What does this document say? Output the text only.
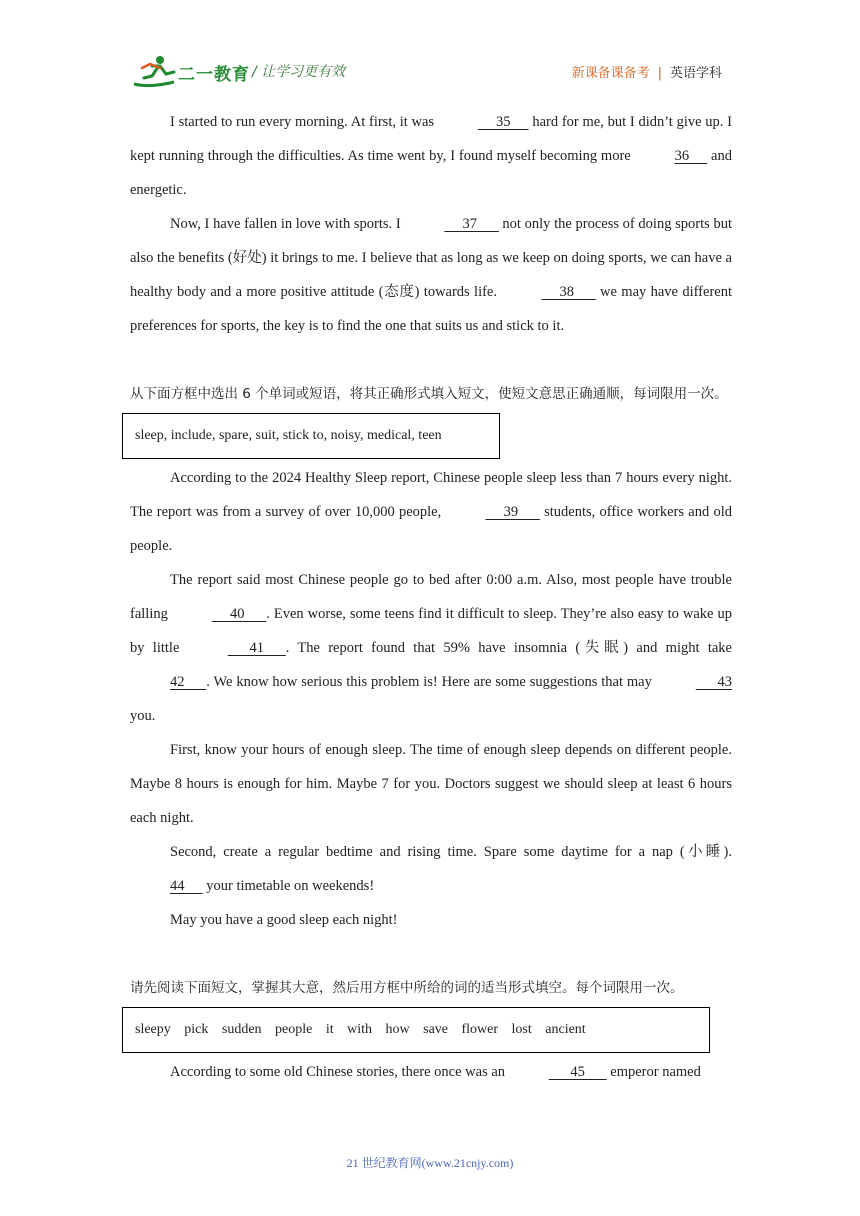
二一教育 / 让学习更有效	新课备课备考 | 英语学科

I started to run every morning. At first, it was	35      hard for me, but I didn’t give up. I kept running through the difficulties. As time went by, I found myself becoming more	36      and energetic.

Now, I have fallen in love with sports. I	37       not only the process of doing sports but also the benefits (好处) it brings to me. I believe that as long as we keep on doing sports, we can have a healthy body and a more positive attitude (态度) towards life.	38       we may have different preferences for sports, the key is to find the one that suits us and stick to it.

从下面方框中选出 6 个单词或短语，将其正确形式填入短文，使短文意思正确通顺，每词限用一次。

sleep, include, spare, suit, stick to, noisy, medical, teen

According to the 2024 Healthy Sleep report, Chinese people sleep less than 7 hours every night. The report was from a survey of over 10,000 people,	39       students, office workers and old people.

The report said most Chinese people go to bed after 0:00 a.m. Also, most people have trouble falling	40      . Even worse, some teens find it difficult to sleep. They’re also easy to wake up by little	41      . The report found that 59% have insomnia (失眠) and might take 42      . We know how serious this problem is! Here are some suggestions that may	43 you.

First, know your hours of enough sleep. The time of enough sleep depends on different people. Maybe 8 hours is enough for him. Maybe 7 for you. Doctors suggest we should sleep at least 6 hours each night.

Second, create a regular bedtime and rising time. Spare some daytime for a nap (小睡). 44      your timetable on weekends!

May you have a good sleep each night!

请先阅读下面短文，掌握其大意，然后用方框中所给的词的适当形式填空。每个词限用一次。

sleepy pick sudden people it with how save flower lost ancient

According to some old Chinese stories, there once was an	45       emperor named

21 世纪教育网(www.21cnjy.com)
